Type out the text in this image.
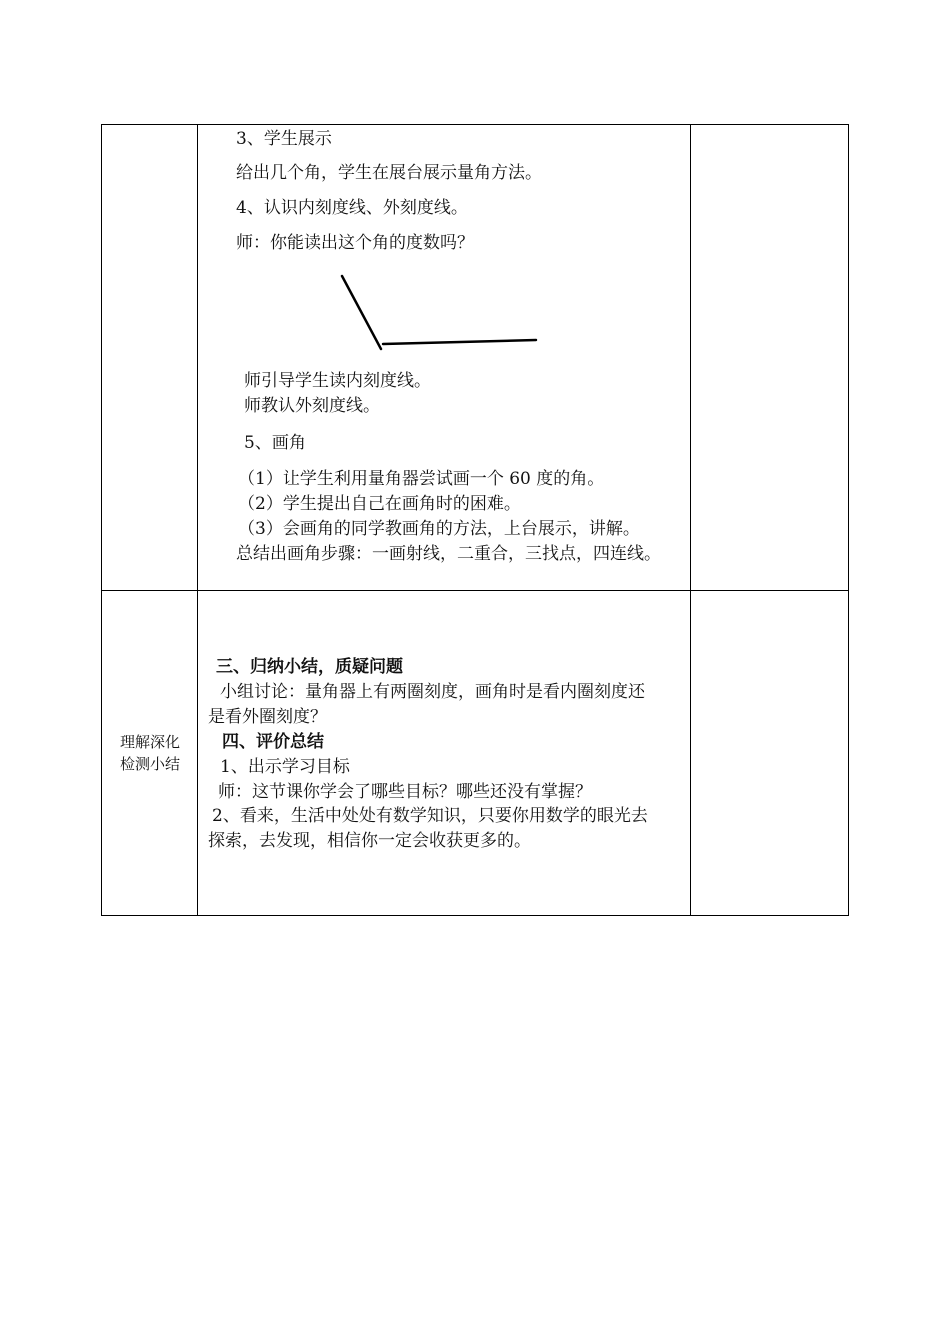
3、学生展示
给出几个角，学生在展台展示量角方法。
4、认识内刻度线、外刻度线。
师：你能读出这个角的度数吗？
师引导学生读内刻度线。
师教认外刻度线。
5、画角
（1）让学生利用量角器尝试画一个 60 度的角。
（2）学生提出自己在画角时的困难。
（3）会画角的同学教画角的方法，上台展示，讲解。
总结出画角步骤：一画射线，二重合，三找点，四连线。
理解深化
检测小结
三、归纳小结，质疑问题
小组讨论：量角器上有两圈刻度，画角时是看内圈刻度还
是看外圈刻度？
四、评价总结
1、出示学习目标
师：这节课你学会了哪些目标？哪些还没有掌握？
2、看来，生活中处处有数学知识，只要你用数学的眼光去
探索，去发现，相信你一定会收获更多的。
